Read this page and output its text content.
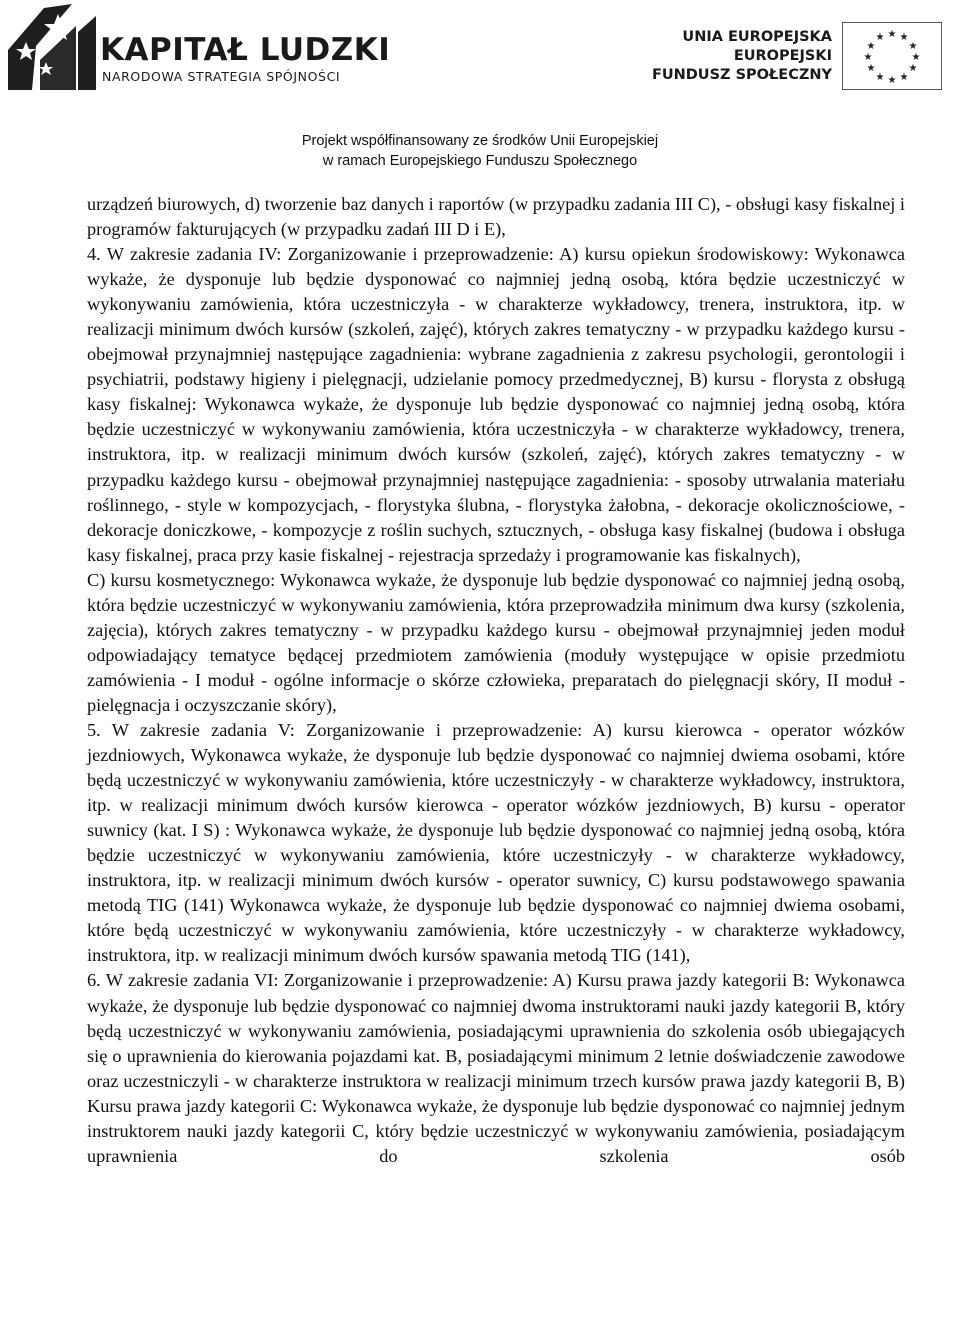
KAPITAŁ LUDZKI
NARODOWA STRATEGIA SPÓJNOŚCI
UNIA EUROPEJSKA
EUROPEJSKI
FUNDUSZ SPOŁECZNY
★ ★
★
★
★
★
★
★
★
★
★
★
Projekt współfinansowany ze środków Unii Europejskiej
w ramach Europejskiego Funduszu Społecznego

urządzeń biurowych, d) tworzenie baz danych i raportów (w przypadku zadania III C), - obsługi kasy fiskalnej i programów fakturujących (w przypadku zadań III D i E),

4. W zakresie zadania IV: Zorganizowanie i przeprowadzenie: A) kursu opiekun środowiskowy: Wykonawca wykaże, że dysponuje lub będzie dysponować co najmniej jedną osobą, która będzie uczestniczyć w wykonywaniu zamówienia, która uczestniczyła - w charakterze wykładowcy, trenera, instruktora, itp. w realizacji minimum dwóch kursów (szkoleń, zajęć), których zakres tematyczny - w przypadku każdego kursu - obejmował przynajmniej następujące zagadnienia: wybrane zagadnienia z zakresu psychologii, gerontologii i psychiatrii, podstawy higieny i pielęgnacji, udzielanie pomocy przedmedycznej, B) kursu - florysta z obsługą kasy fiskalnej: Wykonawca wykaże, że dysponuje lub będzie dysponować co najmniej jedną osobą, która będzie uczestniczyć w wykonywaniu zamówienia, która uczestniczyła - w charakterze wykładowcy, trenera, instruktora, itp. w realizacji minimum dwóch kursów (szkoleń, zajęć), których zakres tematyczny - w przypadku każdego kursu - obejmował przynajmniej następujące zagadnienia: - sposoby utrwalania materiału roślinnego, - style w kompozycjach, - florystyka ślubna, - florystyka żałobna, - dekoracje okolicznościowe, - dekoracje doniczkowe, - kompozycje z roślin suchych, sztucznych, - obsługa kasy fiskalnej (budowa i obsługa kasy fiskalnej, praca przy kasie fiskalnej - rejestracja sprzedaży i programowanie kas fiskalnych),

C) kursu kosmetycznego: Wykonawca wykaże, że dysponuje lub będzie dysponować co najmniej jedną osobą, która będzie uczestniczyć w wykonywaniu zamówienia, która przeprowadziła minimum dwa kursy (szkolenia, zajęcia), których zakres tematyczny - w przypadku każdego kursu - obejmował przynajmniej jeden moduł odpowiadający tematyce będącej przedmiotem zamówienia (moduły występujące w opisie przedmiotu zamówienia - I moduł - ogólne informacje o skórze człowieka, preparatach do pielęgnacji skóry, II moduł - pielęgnacja i oczyszczanie skóry),

5. W zakresie zadania V: Zorganizowanie i przeprowadzenie: A) kursu kierowca - operator wózków jezdniowych, Wykonawca wykaże, że dysponuje lub będzie dysponować co najmniej dwiema osobami, które będą uczestniczyć w wykonywaniu zamówienia, które uczestniczyły - w charakterze wykładowcy, instruktora, itp. w realizacji minimum dwóch kursów kierowca - operator wózków jezdniowych, B) kursu - operator suwnicy (kat. I S) : Wykonawca wykaże, że dysponuje lub będzie dysponować co najmniej jedną osobą, która będzie uczestniczyć w wykonywaniu zamówienia, które uczestniczyły - w charakterze wykładowcy, instruktora, itp. w realizacji minimum dwóch kursów - operator suwnicy, C) kursu podstawowego spawania metodą TIG (141) Wykonawca wykaże, że dysponuje lub będzie dysponować co najmniej dwiema osobami, które będą uczestniczyć w wykonywaniu zamówienia, które uczestniczyły - w charakterze wykładowcy, instruktora, itp. w realizacji minimum dwóch kursów spawania metodą TIG (141),

6. W zakresie zadania VI: Zorganizowanie i przeprowadzenie: A) Kursu prawa jazdy kategorii B: Wykonawca wykaże, że dysponuje lub będzie dysponować co najmniej dwoma instruktorami nauki jazdy kategorii B, który będą uczestniczyć w wykonywaniu zamówienia, posiadającymi uprawnienia do szkolenia osób ubiegających się o uprawnienia do kierowania pojazdami kat. B, posiadającymi minimum 2 letnie doświadczenie zawodowe oraz uczestniczyli - w charakterze instruktora w realizacji minimum trzech kursów prawa jazdy kategorii B, B) Kursu prawa jazdy kategorii C: Wykonawca wykaże, że dysponuje lub będzie dysponować co najmniej jednym instruktorem nauki jazdy kategorii C, który będzie uczestniczyć w wykonywaniu zamówienia, posiadającym uprawnienia do szkolenia osób
